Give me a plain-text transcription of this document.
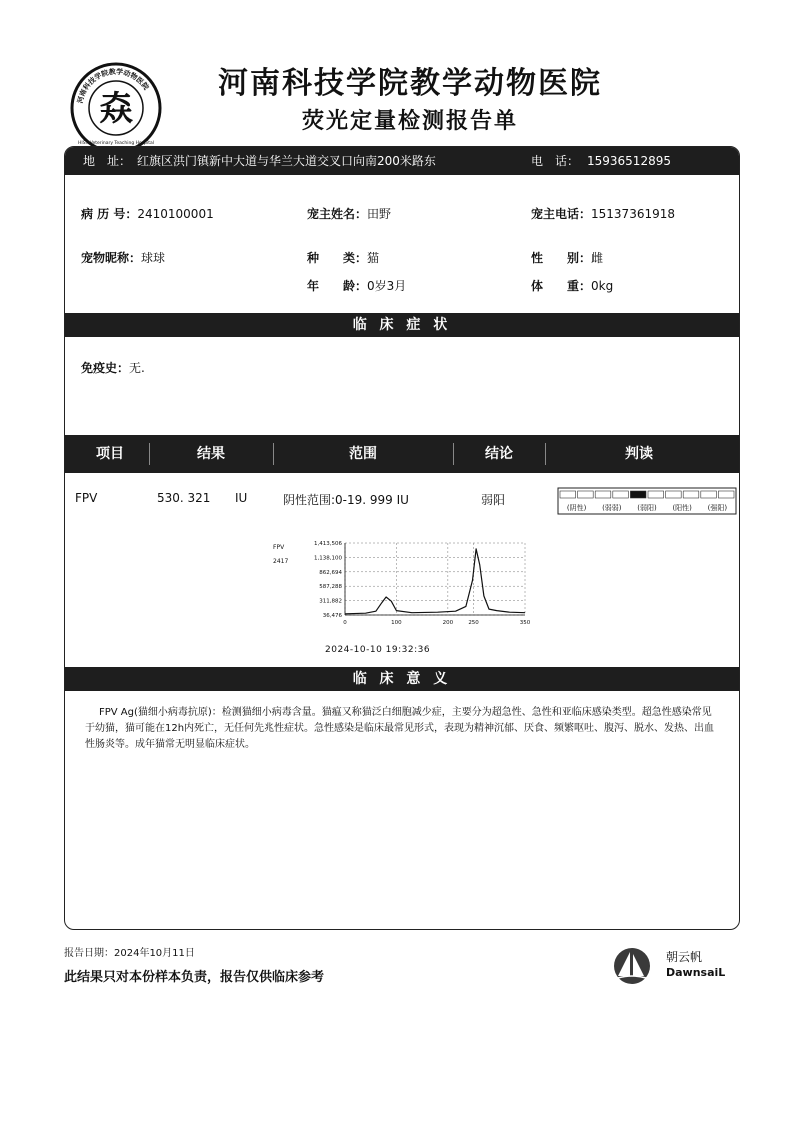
河南科技学院教学动物医院
𡘙
HIST Veterinary Teaching Hospital
河南科技学院教学动物医院
荧光定量检测报告单
地　址： 红旗区洪门镇新中大道与华兰大道交叉口向南200米路东	电　话： 15936512895
病 历 号：2410100001	宠主姓名：田野	宠主电话：15137361918
宠物昵称：球球	种　　类：猫	性　　别：雌
年　　龄：0岁3月	体　　重：0kg
临 床 症 状
免疫史：无.
项目	结果	范围	结论	判读
FPV	530. 321 IU	阴性范围:0-19. 999 IU	弱阳
(阴性) (弱弱) (弱阳) (阳性) (强阳)
FPV
2417
1,413,506
1,138,100
862,694
587,288
311,882
36,476
0	100	200	250	350
2024-10-10 19:32:36
临 床 意 义
FPV Ag(猫细小病毒抗原)：检测猫细小病毒含量。猫瘟又称猫泛白细胞减少症，主要分为超急性、急性和亚临床感染类型。超急性感染常见于幼猫，猫可能在12h内死亡，无任何先兆性症状。急性感染是临床最常见形式，表现为精神沉郁、厌食、频繁呕吐、腹泻、脱水、发热、出血性肠炎等。成年猫常无明显临床症状。
报告日期：2024年10月11日
此结果只对本份样本负责，报告仅供临床参考
朝云帆
DawnsaiL
